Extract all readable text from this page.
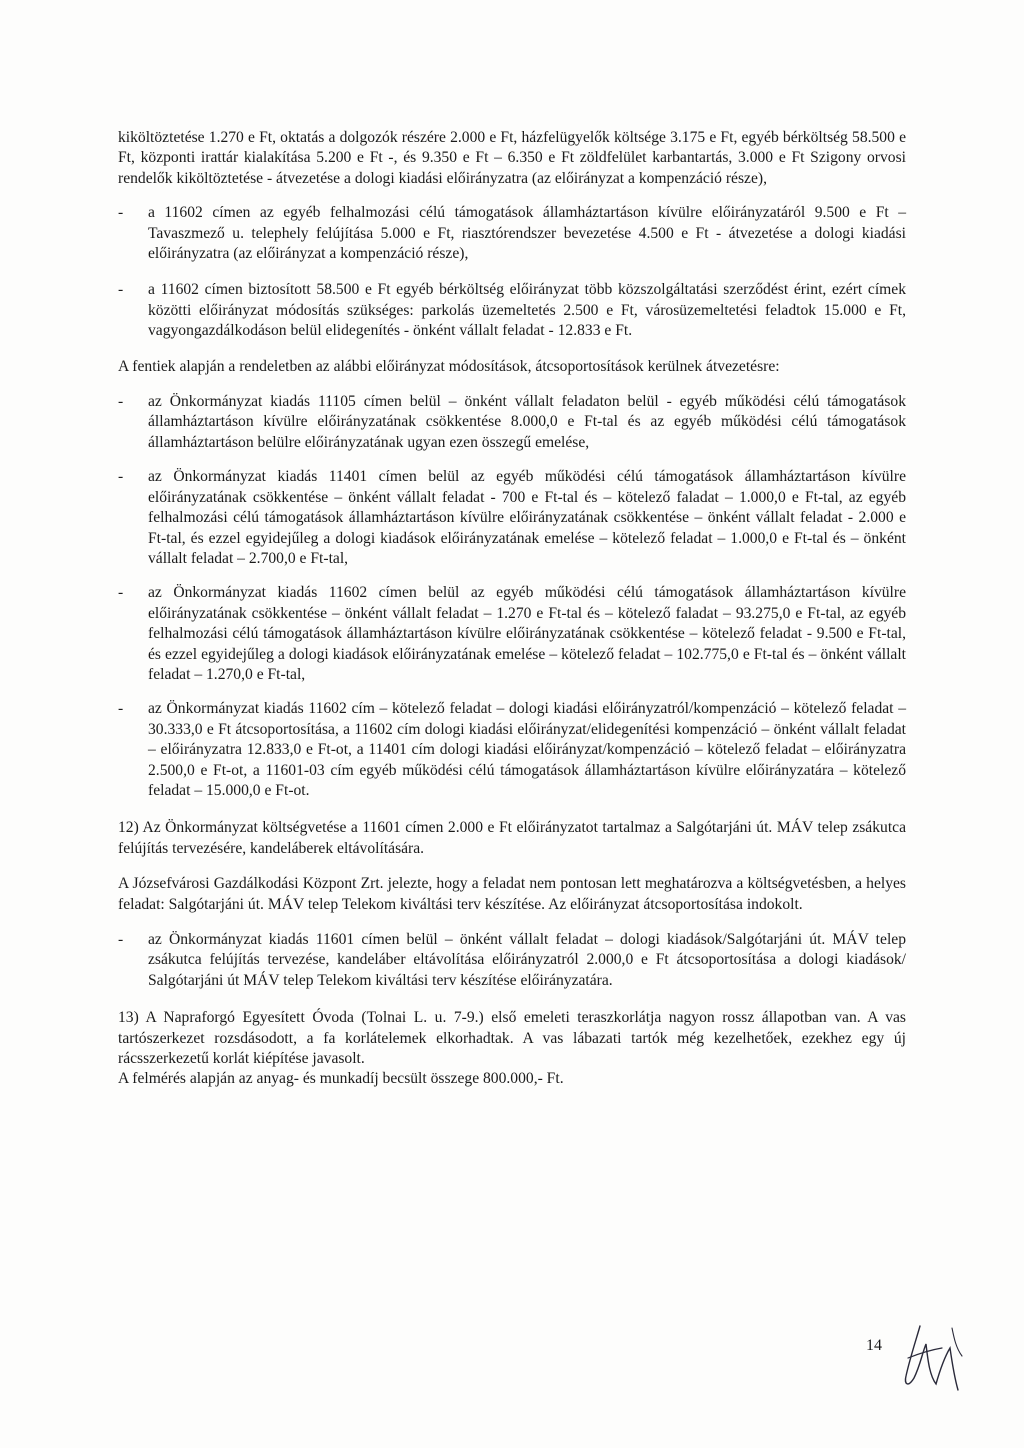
kiköltöztetése 1.270 e Ft, oktatás a dolgozók részére 2.000 e Ft, házfelügyelők költsége 3.175 e Ft, egyéb bérköltség 58.500 e Ft, központi irattár kialakítása 5.200 e Ft -, és 9.350 e Ft – 6.350 e Ft zöldfelület karbantartás, 3.000 e Ft Szigony orvosi rendelők kiköltöztetése - átvezetése a dologi kiadási előirányzatra (az előirányzat a kompenzáció része),

- a 11602 címen az egyéb felhalmozási célú támogatások államháztartáson kívülre előirányzatáról 9.500 e Ft – Tavaszmező u. telephely felújítása 5.000 e Ft, riasztórendszer bevezetése 4.500 e Ft - átvezetése a dologi kiadási előirányzatra (az előirányzat a kompenzáció része),
- a 11602 címen biztosított 58.500 e Ft egyéb bérköltség előirányzat több közszolgáltatási szerződést érint, ezért címek közötti előirányzat módosítás szükséges: parkolás üzemeltetés 2.500 e Ft, városüzemeltetési feladtok 15.000 e Ft, vagyongazdálkodáson belül elidegenítés - önként vállalt feladat - 12.833 e Ft.

A fentiek alapján a rendeletben az alábbi előirányzat módosítások, átcsoportosítások kerülnek átvezetésre:

- az Önkormányzat kiadás 11105 címen belül – önként vállalt feladaton belül - egyéb működési célú támogatások államháztartáson kívülre előirányzatának csökkentése 8.000,0 e Ft-tal és az egyéb működési célú támogatások államháztartáson belülre előirányzatának ugyan ezen összegű emelése,
- az Önkormányzat kiadás 11401 címen belül az egyéb működési célú támogatások államháztartáson kívülre előirányzatának csökkentése – önként vállalt feladat - 700 e Ft-tal és – kötelező faladat – 1.000,0 e Ft-tal, az egyéb felhalmozási célú támogatások államháztartáson kívülre előirányzatának csökkentése – önként vállalt feladat - 2.000 e Ft-tal, és ezzel egyidejűleg a dologi kiadások előirányzatának emelése – kötelező feladat – 1.000,0 e Ft-tal és – önként vállalt feladat – 2.700,0 e Ft-tal,
- az Önkormányzat kiadás 11602 címen belül az egyéb működési célú támogatások államháztartáson kívülre előirányzatának csökkentése – önként vállalt feladat – 1.270 e Ft-tal és – kötelező faladat – 93.275,0 e Ft-tal, az egyéb felhalmozási célú támogatások államháztartáson kívülre előirányzatának csökkentése – kötelező feladat - 9.500 e Ft-tal, és ezzel egyidejűleg a dologi kiadások előirányzatának emelése – kötelező feladat – 102.775,0 e Ft-tal és – önként vállalt feladat – 1.270,0 e Ft-tal,
- az Önkormányzat kiadás 11602 cím – kötelező feladat – dologi kiadási előirányzatról/kompenzáció – kötelező feladat – 30.333,0 e Ft átcsoportosítása, a 11602 cím dologi kiadási előirányzat/elidegenítési kompenzáció – önként vállalt feladat – előirányzatra 12.833,0 e Ft-ot, a 11401 cím dologi kiadási előirányzat/kompenzáció – kötelező feladat – előirányzatra 2.500,0 e Ft-ot, a 11601-03 cím egyéb működési célú támogatások államháztartáson kívülre előirányzatára – kötelező feladat – 15.000,0 e Ft-ot.

12) Az Önkormányzat költségvetése a 11601 címen 2.000 e Ft előirányzatot tartalmaz a Salgótarjáni út. MÁV telep zsákutca felújítás tervezésére, kandeláberek eltávolítására.

A Józsefvárosi Gazdálkodási Központ Zrt. jelezte, hogy a feladat nem pontosan lett meghatározva a költségvetésben, a helyes feladat: Salgótarjáni út. MÁV telep Telekom kiváltási terv készítése. Az előirányzat átcsoportosítása indokolt.

- az Önkormányzat kiadás 11601 címen belül – önként vállalt feladat – dologi kiadások/Salgótarjáni út. MÁV telep zsákutca felújítás tervezése, kandeláber eltávolítása előirányzatról 2.000,0 e Ft átcsoportosítása a dologi kiadások/ Salgótarjáni út MÁV telep Telekom kiváltási terv készítése előirányzatára.

13) A Napraforgó Egyesített Óvoda (Tolnai L. u. 7-9.) első emeleti teraszkorlátja nagyon rossz állapotban van. A vas tartószerkezet rozsdásodott, a fa korlátelemek elkorhadtak. A vas lábazati tartók még kezelhetőek, ezekhez egy új rácsszerkezetű korlát kiépítése javasolt.

A felmérés alapján az anyag- és munkadíj becsült összege 800.000,- Ft.

14
